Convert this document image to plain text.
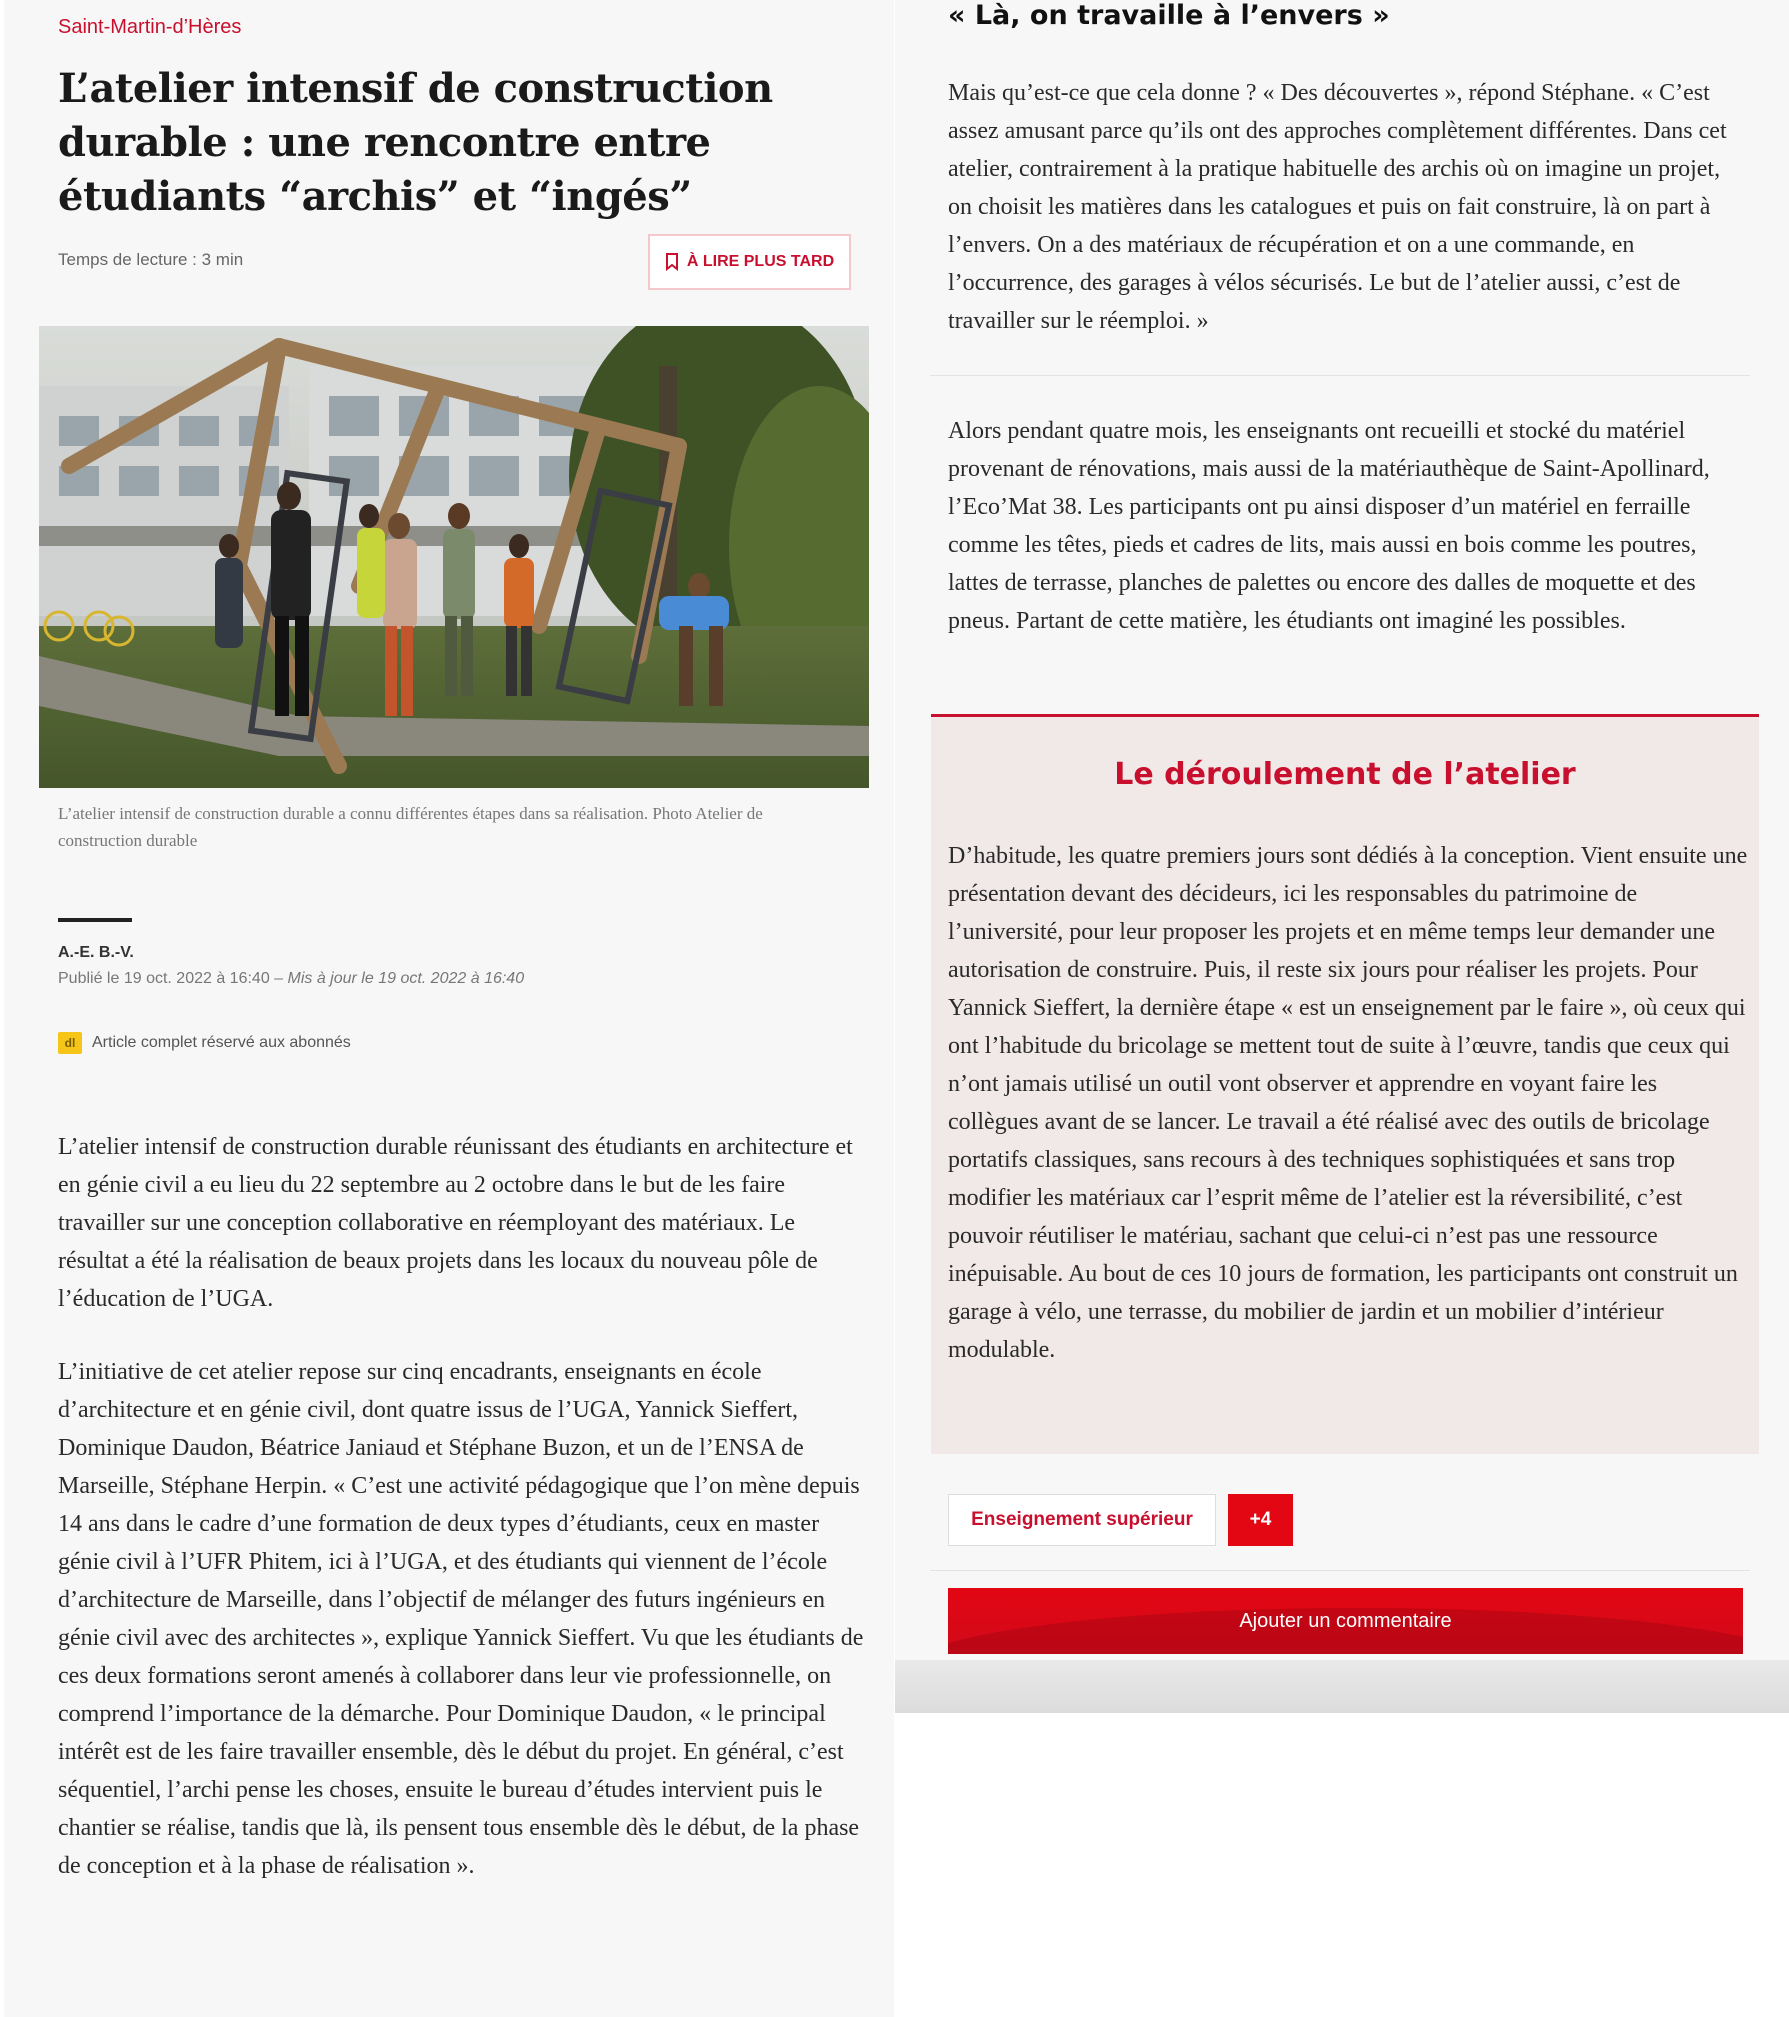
Saint-Martin-d’Hères
L’atelier intensif de construction durable : une rencontre entre étudiants “archis” et “ingés”
Temps de lecture : 3 min	À LIRE PLUS TARD
L’atelier intensif de construction durable a connu différentes étapes dans sa réalisation. Photo Atelier de construction durable
A.-E. B.-V.
Publié le 19 oct. 2022 à 16:40 – Mis à jour le 19 oct. 2022 à 16:40
dl	Article complet réservé aux abonnés

L’atelier intensif de construction durable réunissant des étudiants en architecture et en génie civil a eu lieu du 22 septembre au 2 octobre dans le but de les faire travailler sur une conception collaborative en réemployant des matériaux. Le résultat a été la réalisation de beaux projets dans les locaux du nouveau pôle de l’éducation de l’UGA.

L’initiative de cet atelier repose sur cinq encadrants, enseignants en école d’architecture et en génie civil, dont quatre issus de l’UGA, Yannick Sieffert, Dominique Daudon, Béatrice Janiaud et Stéphane Buzon, et un de l’ENSA de Marseille, Stéphane Herpin. « C’est une activité pédagogique que l’on mène depuis 14 ans dans le cadre d’une formation de deux types d’étudiants, ceux en master génie civil à l’UFR Phitem, ici à l’UGA, et des étudiants qui viennent de l’école d’architecture de Marseille, dans l’objectif de mélanger des futurs ingénieurs en génie civil avec des architectes », explique Yannick Sieffert. Vu que les étudiants de ces deux formations seront amenés à collaborer dans leur vie professionnelle, on comprend l’importance de la démarche. Pour Dominique Daudon, « le principal intérêt est de les faire travailler ensemble, dès le début du projet. En général, c’est séquentiel, l’archi pense les choses, ensuite le bureau d’études intervient puis le chantier se réalise, tandis que là, ils pensent tous ensemble dès le début, de la phase de conception et à la phase de réalisation ».

« Là, on travaille à l’envers »

Mais qu’est-ce que cela donne ? « Des découvertes », répond Stéphane. « C’est assez amusant parce qu’ils ont des approches complètement différentes. Dans cet atelier, contrairement à la pratique habituelle des archis où on imagine un projet, on choisit les matières dans les catalogues et puis on fait construire, là on part à l’envers. On a des matériaux de récupération et on a une commande, en l’occurrence, des garages à vélos sécurisés. Le but de l’atelier aussi, c’est de travailler sur le réemploi. »

Alors pendant quatre mois, les enseignants ont recueilli et stocké du matériel provenant de rénovations, mais aussi de la matériauthèque de Saint-Apollinard, l’Eco’Mat 38. Les participants ont pu ainsi disposer d’un matériel en ferraille comme les têtes, pieds et cadres de lits, mais aussi en bois comme les poutres, lattes de terrasse, planches de palettes ou encore des dalles de moquette et des pneus. Partant de cette matière, les étudiants ont imaginé les possibles.

Le déroulement de l’atelier

D’habitude, les quatre premiers jours sont dédiés à la conception. Vient ensuite une présentation devant des décideurs, ici les responsables du patrimoine de l’université, pour leur proposer les projets et en même temps leur demander une autorisation de construire. Puis, il reste six jours pour réaliser les projets. Pour Yannick Sieffert, la dernière étape « est un enseignement par le faire », où ceux qui ont l’habitude du bricolage se mettent tout de suite à l’œuvre, tandis que ceux qui n’ont jamais utilisé un outil vont observer et apprendre en voyant faire les collègues avant de se lancer. Le travail a été réalisé avec des outils de bricolage portatifs classiques, sans recours à des techniques sophistiquées et sans trop modifier les matériaux car l’esprit même de l’atelier est la réversibilité, c’est pouvoir réutiliser le matériau, sachant que celui-ci n’est pas une ressource inépuisable. Au bout de ces 10 jours de formation, les participants ont construit un garage à vélo, une terrasse, du mobilier de jardin et un mobilier d’intérieur modulable.

Enseignement supérieur	+4
Ajouter un commentaire
